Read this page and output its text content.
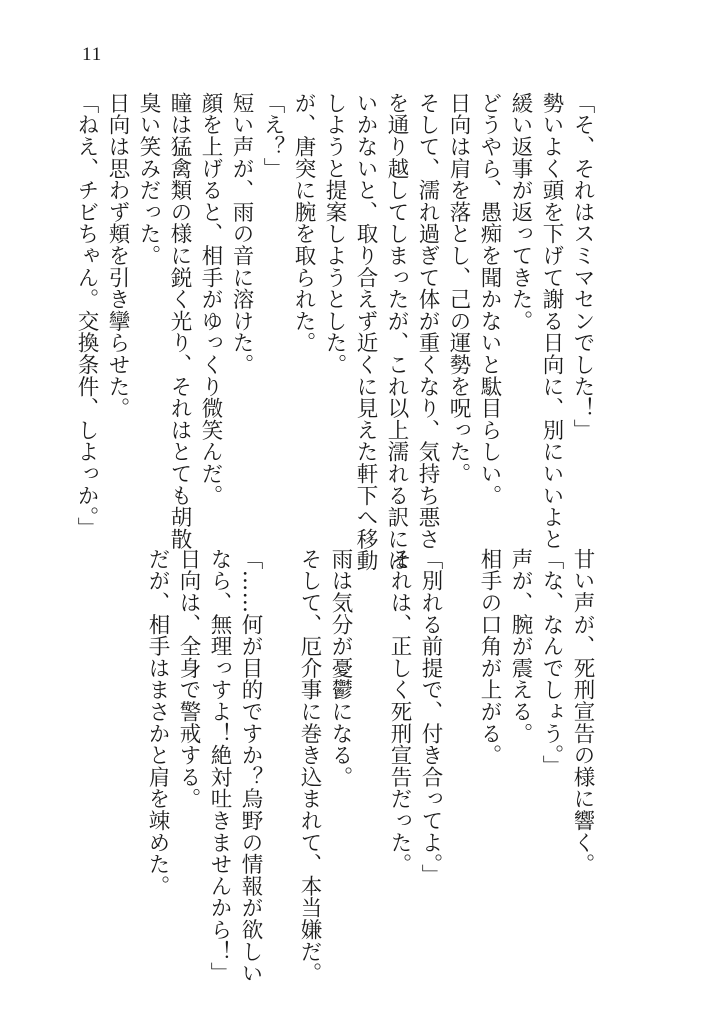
11
「そ、それはスミマセンでした！」
勢いよく頭を下げて謝る日向に、別にいいよと
緩い返事が返ってきた。
どうやら、愚痴を聞かないと駄目らしい。
日向は肩を落とし、己の運勢を呪った。
そして、濡れ過ぎて体が重くなり、気持ち悪さ
を通り越してしまったが、これ以上濡れる訳には
いかないと、取り合えず近くに見えた軒下へ移動
しようと提案しようとした。
が、唐突に腕を取られた。
「え？」
短い声が、雨の音に溶けた。
顔を上げると、相手がゆっくり微笑んだ。
瞳は猛禽類の様に鋭く光り、それはとても胡散
臭い笑みだった。
日向は思わず頬を引き攣らせた。
「ねえ、チビちゃん。交換条件、しよっか。」
甘い声が、死刑宣告の様に響く。
「な、なんでしょう。」
声が、腕が震える。
相手の口角が上がる。
「別れる前提で、付き合ってよ。」
それは、正しく死刑宣告だった。
雨は気分が憂鬱になる。
そして、厄介事に巻き込まれて、本当嫌だ。
「……何が目的ですか？烏野の情報が欲しい
なら、無理っすよ！絶対吐きませんから！」
日向は、全身で警戒する。
だが、相手はまさかと肩を竦めた。
